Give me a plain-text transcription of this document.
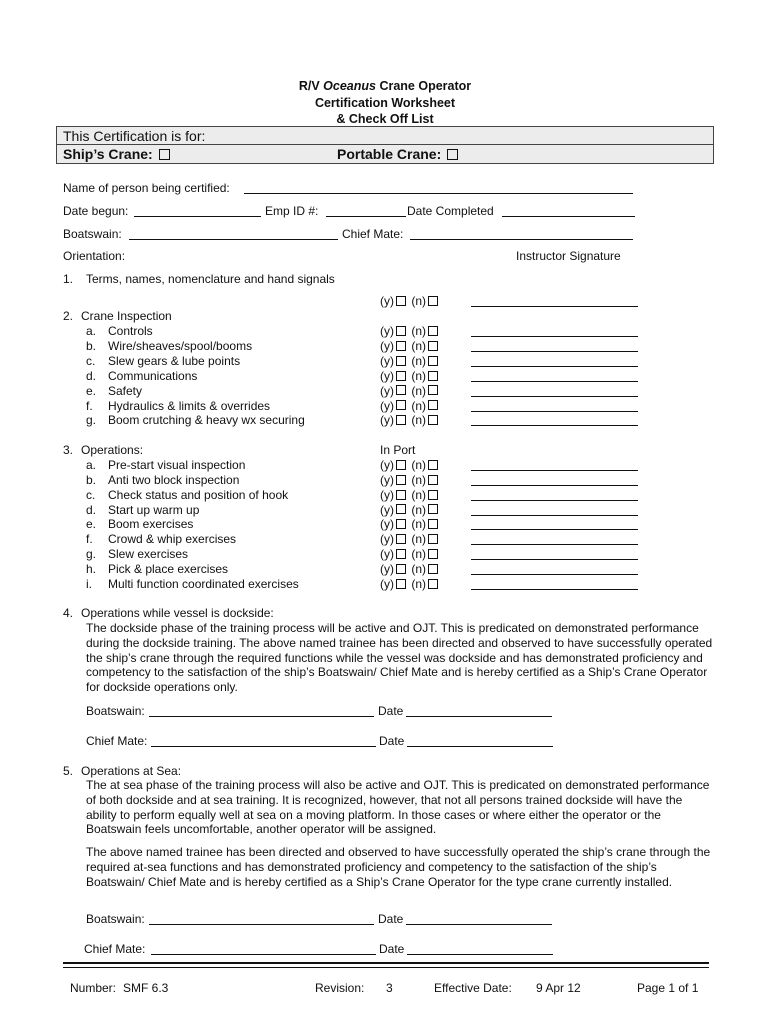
R/V Oceanus Crane Operator
Certification Worksheet
& Check Off List
This Certification is for:
Ship’s Crane:	Portable Crane:
Name of person being certified:
Date begun:	Emp ID #:	Date Completed
Boatswain:	Chief Mate:
Orientation:	Instructor Signature
1. Terms, names, nomenclature and hand signals
(y) (n)
2. Crane Inspection
a. Controls	(y) (n)
b. Wire/sheaves/spool/booms	(y) (n)
c. Slew gears & lube points	(y) (n)
d. Communications	(y) (n)
e. Safety	(y) (n)
f. Hydraulics & limits & overrides	(y) (n)
g. Boom crutching & heavy wx securing	(y) (n)
3. Operations:	In Port
a. Pre-start visual inspection	(y) (n)
b. Anti two block inspection	(y) (n)
c. Check status and position of hook	(y) (n)
d. Start up warm up	(y) (n)
e. Boom exercises	(y) (n)
f. Crowd & whip exercises	(y) (n)
g. Slew exercises	(y) (n)
h. Pick & place exercises	(y) (n)
i. Multi function coordinated exercises	(y) (n)
4. Operations while vessel is dockside:
The dockside phase of the training process will be active and OJT. This is predicated on demonstrated performance during the dockside training. The above named trainee has been directed and observed to have successfully operated the ship’s crane through the required functions while the vessel was dockside and has demonstrated proficiency and competency to the satisfaction of the ship’s Boatswain/ Chief Mate and is hereby certified as a Ship’s Crane Operator for dockside operations only.
Boatswain:	Date
Chief Mate:	Date
5. Operations at Sea:
The at sea phase of the training process will also be active and OJT. This is predicated on demonstrated performance of both dockside and at sea training. It is recognized, however, that not all persons trained dockside will have the ability to perform equally well at sea on a moving platform. In those cases or where either the operator or the Boatswain feels uncomfortable, another operator will be assigned.
The above named trainee has been directed and observed to have successfully operated the ship’s crane through the required at-sea functions and has demonstrated proficiency and competency to the satisfaction of the ship’s Boatswain/ Chief Mate and is hereby certified as a Ship’s Crane Operator for the type crane currently installed.
Boatswain:	Date
Chief Mate:	Date
Number: SMF 6.3	Revision: 3	Effective Date: 9 Apr 12	Page 1 of 1
